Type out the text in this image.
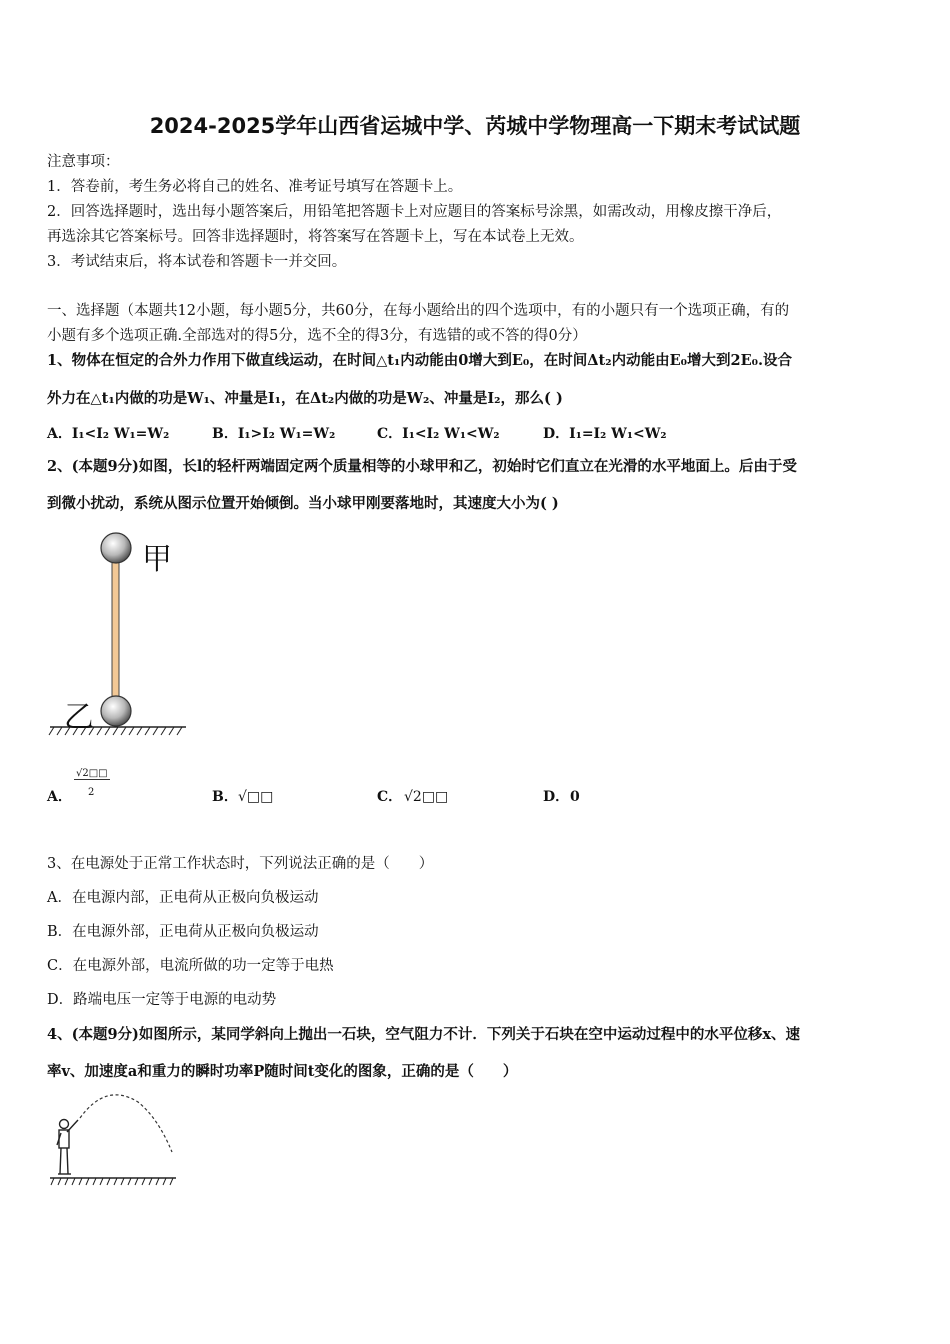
2024-2025学年山西省运城中学、芮城中学物理高一下期末考试试题
注意事项：
1．答卷前，考生务必将自己的姓名、准考证号填写在答题卡上。
2．回答选择题时，选出每小题答案后，用铅笔把答题卡上对应题目的答案标号涂黑，如需改动，用橡皮擦干净后，
再选涂其它答案标号。回答非选择题时，将答案写在答题卡上，写在本试卷上无效。
3．考试结束后，将本试卷和答题卡一并交回。
一、选择题（本题共12小题，每小题5分，共60分，在每小题给出的四个选项中，有的小题只有一个选项正确，有的
小题有多个选项正确.全部选对的得5分，选不全的得3分，有选错的或不答的得0分）
1、物体在恒定的合外力作用下做直线运动，在时间△t₁内动能由0增大到E₀，在时间Δt₂内动能由E₀增大到2E₀.设合
外力在△t₁内做的功是W₁、冲量是I₁，在Δt₂内做的功是W₂、冲量是I₂，那么( )
A．I₁<I₂ W₁=W₂	B．I₁>I₂ W₁=W₂	C．I₁<I₂ W₁<W₂	D．I₁=I₂ W₁<W₂
2、(本题9分)如图，长l的轻杆两端固定两个质量相等的小球甲和乙，初始时它们直立在光滑的水平地面上。后由于受
到微小扰动，系统从图示位置开始倾倒。当小球甲刚要落地时，其速度大小为( )
甲
乙
A．
√2□□
2	B． √□□	C． √2□□	D． 0
3、在电源处于正常工作状态时，下列说法正确的是（　　）
A．在电源内部，正电荷从正极向负极运动
B．在电源外部，正电荷从正极向负极运动
C．在电源外部，电流所做的功一定等于电热
D．路端电压一定等于电源的电动势
4、(本题9分)如图所示，某同学斜向上抛出一石块，空气阻力不计．下列关于石块在空中运动过程中的水平位移x、速
率v、加速度a和重力的瞬时功率P随时间t变化的图象，正确的是（　　）
